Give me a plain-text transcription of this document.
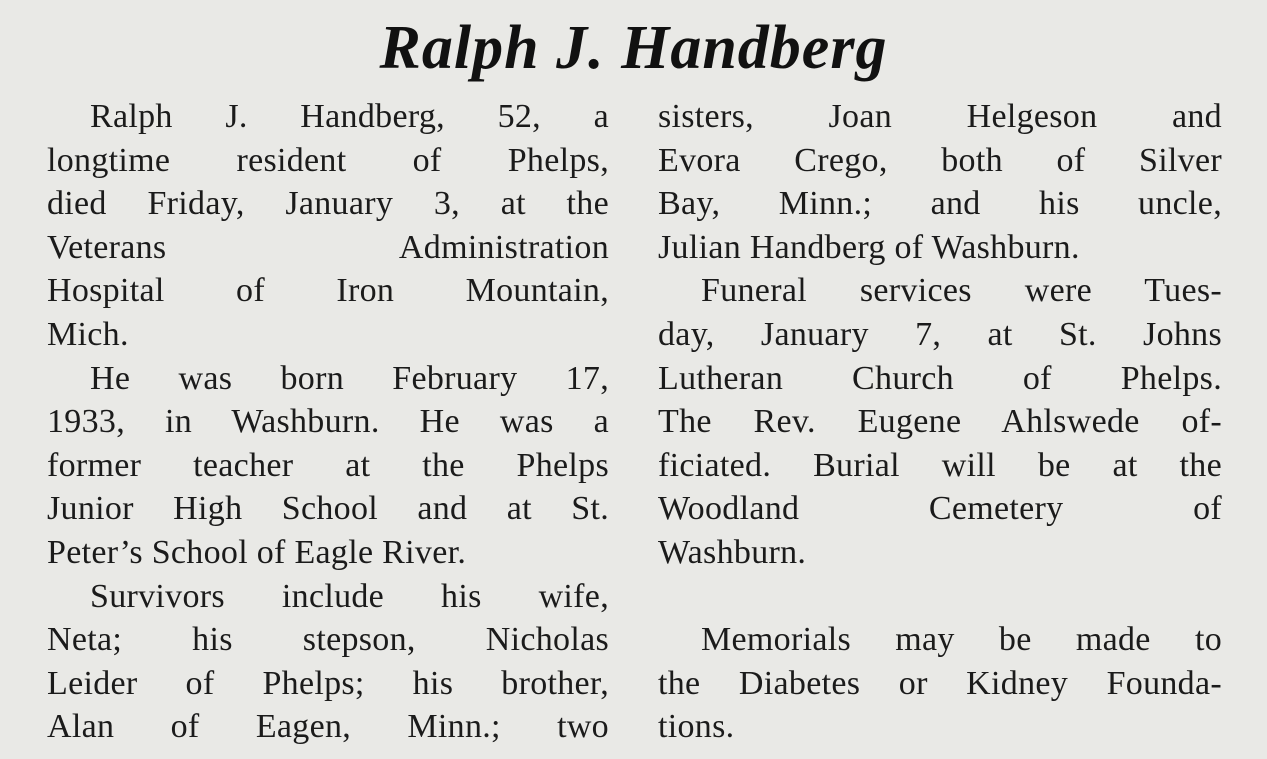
Ralph J. Handberg
Ralph J. Handberg, 52, a
longtime resident of Phelps,
died Friday, January 3, at the
Veterans Administration
Hospital of Iron Mountain,
Mich.
He was born February 17,
1933, in Washburn. He was a
former teacher at the Phelps
Junior High School and at St.
Peter’s School of Eagle River.
Survivors include his wife,
Neta; his stepson, Nicholas
Leider of Phelps; his brother,
Alan of Eagen, Minn.; two
sisters, Joan Helgeson and
Evora Crego, both of Silver
Bay, Minn.; and his uncle,
Julian Handberg of Washburn.
Funeral services were Tues-
day, January 7, at St. Johns
Lutheran Church of Phelps.
The Rev. Eugene Ahlswede of-
ficiated. Burial will be at the
Woodland Cemetery of
Washburn.
Memorials may be made to
the Diabetes or Kidney Founda-
tions.
